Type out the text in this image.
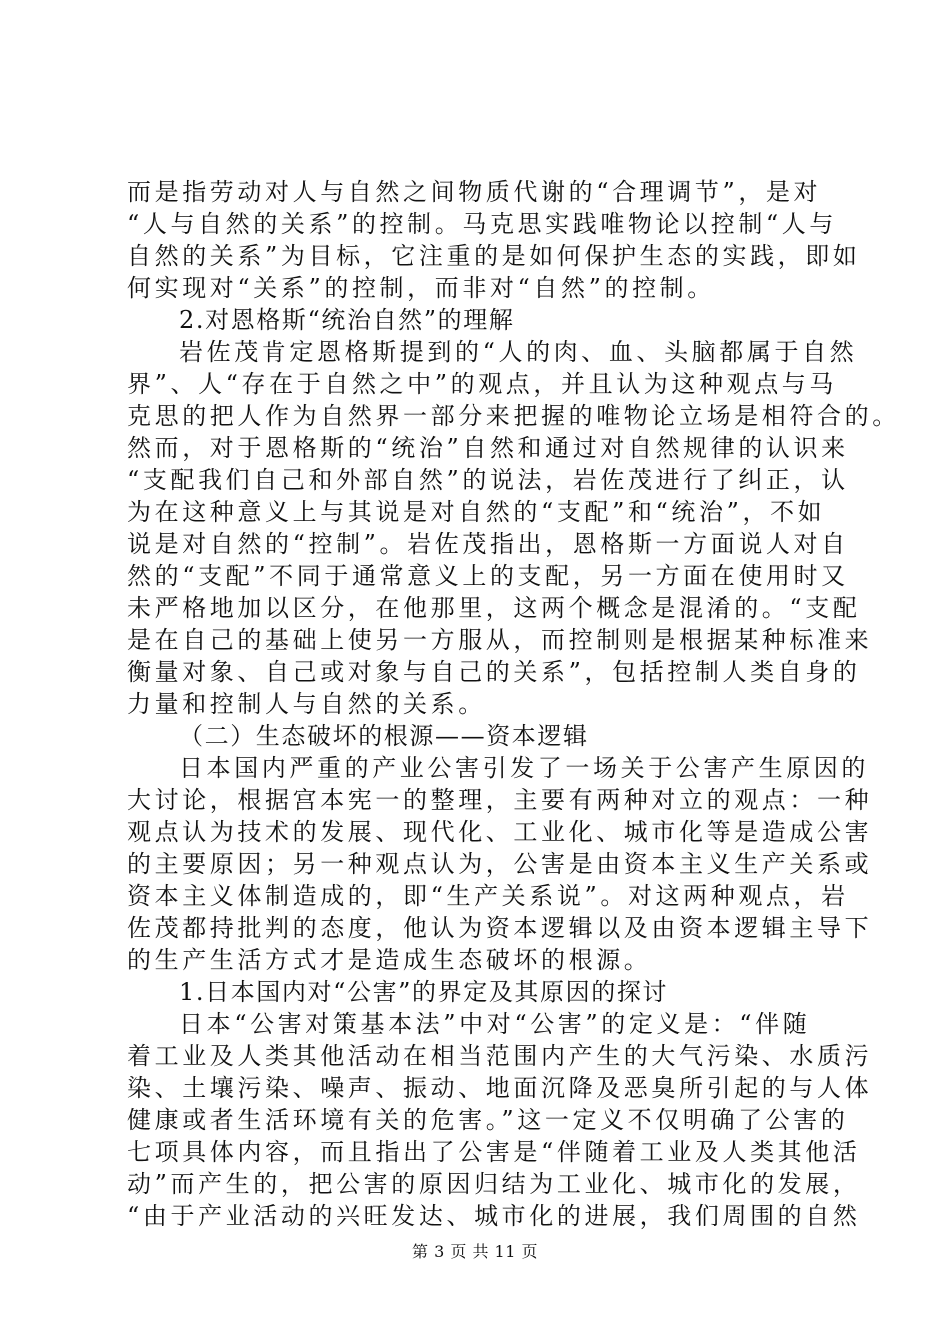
而是指劳动对人与自然之间物质代谢的“合理调节”，是对
“人与自然的关系”的控制。马克思实践唯物论以控制“人与
自然的关系”为目标，它注重的是如何保护生态的实践，即如
何实现对“关系”的控制，而非对“自然”的控制。
2.对恩格斯“统治自然”的理解
岩佐茂肯定恩格斯提到的“人的肉、血、头脑都属于自然
界”、人“存在于自然之中”的观点，并且认为这种观点与马
克思的把人作为自然界一部分来把握的唯物论立场是相符合的。
然而，对于恩格斯的“统治”自然和通过对自然规律的认识来
“支配我们自己和外部自然”的说法，岩佐茂进行了纠正，认
为在这种意义上与其说是对自然的“支配”和“统治”，不如
说是对自然的“控制”。岩佐茂指出，恩格斯一方面说人对自
然的“支配”不同于通常意义上的支配，另一方面在使用时又
未严格地加以区分，在他那里，这两个概念是混淆的。“支配
是在自己的基础上使另一方服从，而控制则是根据某种标准来
衡量对象、自己或对象与自己的关系”，包括控制人类自身的
力量和控制人与自然的关系。
（二）生态破坏的根源——资本逻辑
日本国内严重的产业公害引发了一场关于公害产生原因的
大讨论，根据宫本宪一的整理，主要有两种对立的观点：一种
观点认为技术的发展、现代化、工业化、城市化等是造成公害
的主要原因；另一种观点认为，公害是由资本主义生产关系或
资本主义体制造成的，即“生产关系说”。对这两种观点，岩
佐茂都持批判的态度，他认为资本逻辑以及由资本逻辑主导下
的生产生活方式才是造成生态破坏的根源。
1.日本国内对“公害”的界定及其原因的探讨
日本“公害对策基本法”中对“公害”的定义是：“伴随
着工业及人类其他活动在相当范围内产生的大气污染、水质污
染、土壤污染、噪声、振动、地面沉降及恶臭所引起的与人体
健康或者生活环境有关的危害。”这一定义不仅明确了公害的
七项具体内容，而且指出了公害是“伴随着工业及人类其他活
动”而产生的，把公害的原因归结为工业化、城市化的发展，
“由于产业活动的兴旺发达、城市化的进展，我们周围的自然
第 3 页 共 11 页
